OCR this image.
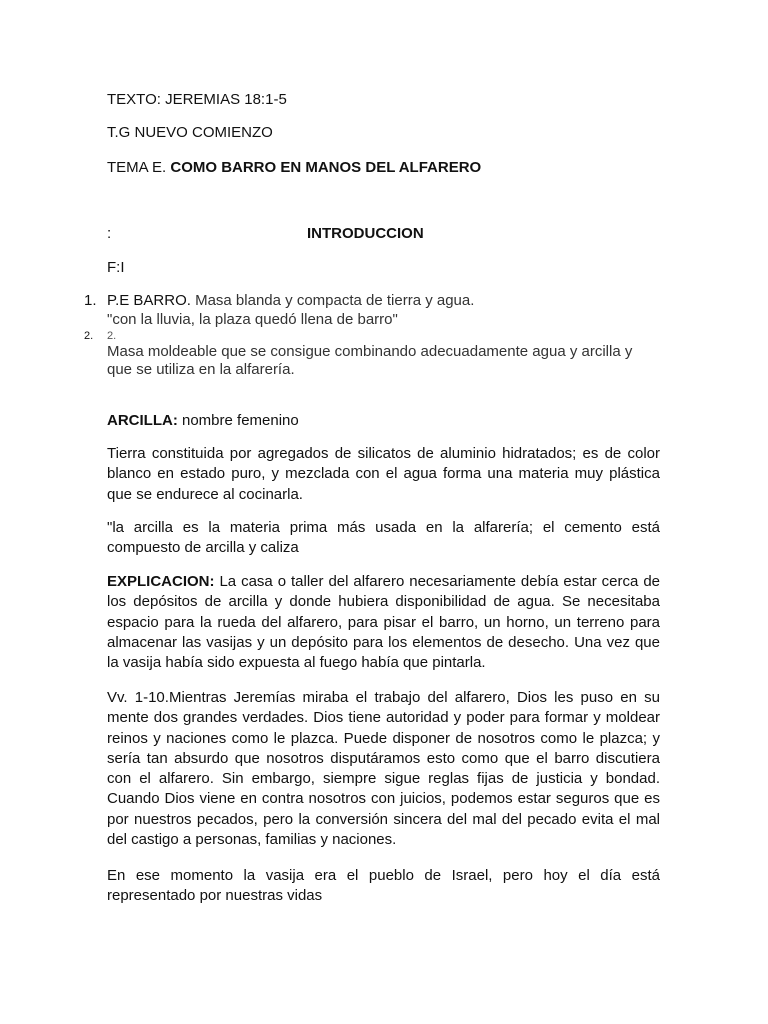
TEXTO: JEREMIAS 18:1-5
T.G NUEVO COMIENZO
TEMA E. COMO BARRO EN MANOS DEL ALFARERO
:	INTRODUCCION
F:I
1. P.E BARRO. Masa blanda y compacta de tierra y agua.
"con la lluvia, la plaza quedó llena de barro"
2. 2.
Masa moldeable que se consigue combinando adecuadamente agua y arcilla y que se utiliza en la alfarería.
ARCILLA: nombre femenino
Tierra constituida por agregados de silicatos de aluminio hidratados; es de color blanco en estado puro, y mezclada con el agua forma una materia muy plástica que se endurece al cocinarla.
"la arcilla es la materia prima más usada en la alfarería; el cemento está compuesto de arcilla y caliza
EXPLICACION: La casa o taller del alfarero necesariamente debía estar cerca de los depósitos de arcilla y donde hubiera disponibilidad de agua. Se necesitaba espacio para la rueda del alfarero, para pisar el barro, un horno, un terreno para almacenar las vasijas y un depósito para los elementos de desecho. Una vez que la vasija había sido expuesta al fuego había que pintarla.
Vv. 1-10.Mientras Jeremías miraba el trabajo del alfarero, Dios les puso en su mente dos grandes verdades. Dios tiene autoridad y poder para formar y moldear reinos y naciones como le plazca. Puede disponer de nosotros como le plazca; y sería tan absurdo que nosotros disputáramos esto como que el barro discutiera con el alfarero. Sin embargo, siempre sigue reglas fijas de justicia y bondad. Cuando Dios viene en contra nosotros con juicios, podemos estar seguros que es por nuestros pecados, pero la conversión sincera del mal del pecado evita el mal del castigo a personas, familias y naciones.
En ese momento la vasija era el pueblo de Israel, pero hoy el día está representado por nuestras vidas
